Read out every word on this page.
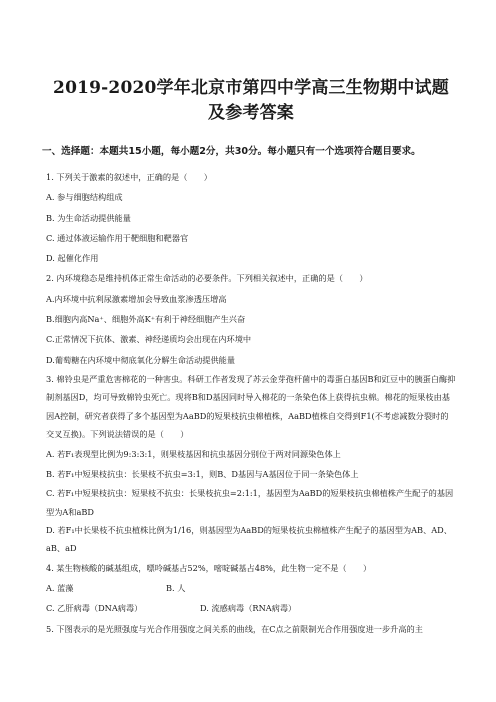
2019-2020学年北京市第四中学高三生物期中试题
及参考答案
一、选择题：本题共15小题，每小题2分，共30分。每小题只有一个选项符合题目要求。
1. 下列关于激素的叙述中，正确的是（　　）
A. 参与细胞结构组成
B. 为生命活动提供能量
C. 通过体液运输作用于靶细胞和靶器官
D. 起催化作用
2. 内环境稳态是维持机体正常生命活动的必要条件。下列相关叙述中，正确的是（　　）
A.内环境中抗利尿激素增加会导致血浆渗透压增高
B.细胞内高Na⁺、细胞外高K⁺有利于神经细胞产生兴奋
C.正常情况下抗体、激素、神经递质均会出现在内环境中
D.葡萄糖在内环境中彻底氧化分解生命活动提供能量
3. 棉铃虫是严重危害棉花的一种害虫。科研工作者发现了苏云金芽孢杆菌中的毒蛋白基因B和豇豆中的胰蛋白酶抑制剂基因D，均可导致棉铃虫死亡。现将B和D基因同时导入棉花的一条染色体上获得抗虫棉。棉花的短果枝由基因A控制，研究者获得了多个基因型为AaBD的短果枝抗虫棉植株，AaBD植株自交得到F1(不考虑减数分裂时的交叉互换)。下列说法错误的是（　　）
A. 若F₁表现型比例为9:3:3:1，则果枝基因和抗虫基因分别位于两对同源染色体上
B. 若F₁中短果枝抗虫：长果枝不抗虫=3:1，则B、D基因与A基因位于同一条染色体上
C. 若F₁中短果枝抗虫：短果枝不抗虫：长果枝抗虫=2:1:1，基因型为AaBD的短果枝抗虫棉植株产生配子的基因型为A和aBD
D. 若F₁中长果枝不抗虫植株比例为1/16，则基因型为AaBD的短果枝抗虫棉植株产生配子的基因型为AB、AD、aB、aD
4. 某生物核酸的碱基组成，嘌呤碱基占52%，嘧啶碱基占48%，此生物一定不是（　　）
A. 蓝藻	B. 人
C. 乙肝病毒（DNA病毒）	D. 流感病毒（RNA病毒）
5. 下图表示的是光照强度与光合作用强度之间关系的曲线，在C点之前限制光合作用强度进一步升高的主
